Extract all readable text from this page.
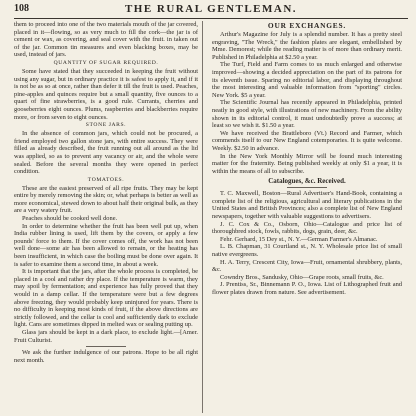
108	THE RURAL GENTLEMAN.

them to proceed into one of the two materials mouth of the jar covered, placed in it—flowing, so as very much to fill the cork—the jar is of cement or wax, as covering, and seal cover with the fruit. in taken out of the jar. Common tin measures and even blacking boxes, may be used, instead of jars.

QUANTITY OF SUGAR REQUIRED.

Some have stated that they succeeded in keeping the fruit without using any sugar, but in ordinary practice it is safest to apply it, and if it is not be as so at once, rather than defer it till the fruit is used. Peaches, pine-apples and quinces require but a small quantity, five ounces to a quart of fine strawberries, is a good rule. Currants, cherries and gooseberries eight ounces. Plums, raspberries and blackberries require more, or from seven to eight ounces.

STONE JARS.

In the absence of common jars, which could not be procured, a friend employed two gallon stone jars, with entire success. They were filled as already described, the fruit running out all around as the lid was applied, so as to prevent any vacancy or air, and the whole were sealed. Before the several months they were opened in perfect condition.

TOMATOES.

These are the easiest preserved of all ripe fruits. They may be kept entire by merely removing the skin; or, what perhaps is better as well as more economical, stewed down to about half their original bulk, as they are a very watery fruit.

Peaches should be cooked well done.

In order to determine whether the fruit has been well put up, when India rubber lining is used, lift them by the covers, or apply a few pounds' force to them. If the cover comes off, the work has not been well done—some air has been allowed to remain, or the heating has been insufficient, in which case the boiling must be done over again. It is safer to examine them a second time, in about a week.

It is important that the jars, after the whole process is completed, be placed in a cool and rather dry place. If the temperature is warm, they may spoil by fermentation; and experience has fully proved that they would in a damp cellar. If the temperature were but a few degrees above freezing, they would probably keep uninjured for years. There is no difficulty in keeping most kinds of fruit, if the above directions are strictly followed, and the cellar is cool and sufficiently dark to exclude light. Cans are sometimes dipped in melted wax or sealing putting up.

Glass jars should be kept in a dark place, to exclude light.—[Amer. Fruit Culturist.

We ask the further indulgence of our patrons. Hope to be all right next month.

OUR EXCHANGES.

Arthur's Magazine for July is a splendid number. It has a pretty steel engraving, "The Wreck," the fashion plates are elegant, embellished by Mme. Demorest; while the reading matter is of more than ordinary merit. Published in Philadelphia at $2.50 a year.

The Turf, Field and Farm comes to us much enlarged and otherwise improved—showing a decided appreciation on the part of its patrons for its eleventh issue. Sparing no editorial labor, and displaying throughout the most interesting and valuable information from "sporting" circles. New York. $5 a year.

The Scientific Journal has recently appeared in Philadelphia, printed neatly in good style, with illustrations of new machinery. From the ability shown in its editorial control, it must undoubtedly prove a success; at least so we wish it. $1.50 a year.

We have received the Brattleboro (Vt.) Record and Farmer, which commends itself to our New England cotemporaries. It is quite welcome. Weekly. $2.50 in advance.

In the New York Monthly Mirror will be found much interesting matter for the fraternity. Being published weekly at only $1 a year, it is within the means of all to subscribe.

Catalogues, &c. Received.

T. C. Maxwell, Boston—Rural Advertiser's Hand-Book, containing a complete list of the religious, agricultural and literary publications in the United States and British Provinces; also a complete list of New England newspapers, together with valuable suggestions to advertisers.

J. C. Cox & Co., Osborn, Ohio—Catalogue and price list of thoroughbred stock, fowls, rabbits, dogs, grain, deer, &c.

Fehr. Gerhard, 15 Dey st., N. Y.—German Farmer's Almanac.

L. B. Chapman, 31 Courtland st., N. Y. Wholesale price list of small native evergreens.

H. A. Terry, Crescent City, Iowa—Fruit, ornamental shrubbery, plants, &c.

Cowndry Bros., Sandusky, Ohio—Grape roots, small fruits, &c.

J. Prentiss, Sr., Binnemann P. O., Iowa. List of Lithographed fruit and flower plates drawn from nature. See advertisement.
